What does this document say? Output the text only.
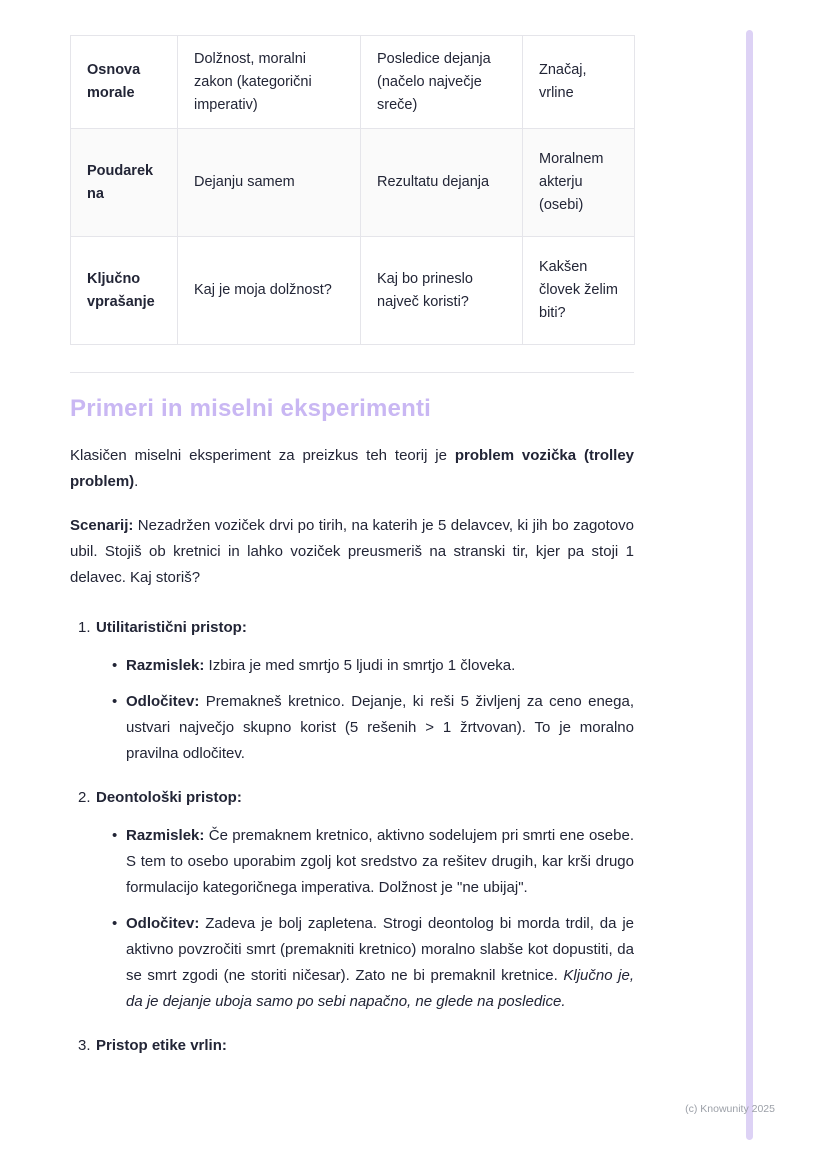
Osnova morale	Dolžnost, moralni zakon (kategorični imperativ)	Posledice dejanja (načelo največje sreče)	Značaj, vrline
Poudarek na	Dejanju samem	Rezultatu dejanja	Moralnem akterju (osebi)
Ključno vprašanje	Kaj je moja dolžnost?	Kaj bo prineslo največ koristi?	Kakšen človek želim biti?
Primeri in miselni eksperimenti

Klasičen miselni eksperiment za preizkus teh teorij je problem vozička (trolley problem).

Scenarij: Nezadržen voziček drvi po tirih, na katerih je 5 delavcev, ki jih bo zagotovo ubil. Stojiš ob kretnici in lahko voziček preusmeriš na stranski tir, kjer pa stoji 1 delavec. Kaj storiš?

1. Utilitaristični pristop:
• Razmislek: Izbira je med smrtjo 5 ljudi in smrtjo 1 človeka.
• Odločitev: Premakneš kretnico. Dejanje, ki reši 5 življenj za ceno enega, ustvari največjo skupno korist (5 rešenih > 1 žrtvovan). To je moralno pravilna odločitev.
2. Deontološki pristop:
• Razmislek: Če premaknem kretnico, aktivno sodelujem pri smrti ene osebe. S tem to osebo uporabim zgolj kot sredstvo za rešitev drugih, kar krši drugo formulacijo kategoričnega imperativa. Dolžnost je "ne ubijaj".
• Odločitev: Zadeva je bolj zapletena. Strogi deontolog bi morda trdil, da je aktivno povzročiti smrt (premakniti kretnico) moralno slabše kot dopustiti, da se smrt zgodi (ne storiti ničesar). Zato ne bi premaknil kretnice. Ključno je, da je dejanje uboja samo po sebi napačno, ne glede na posledice.
3. Pristop etike vrlin:
(c) Knowunity 2025
